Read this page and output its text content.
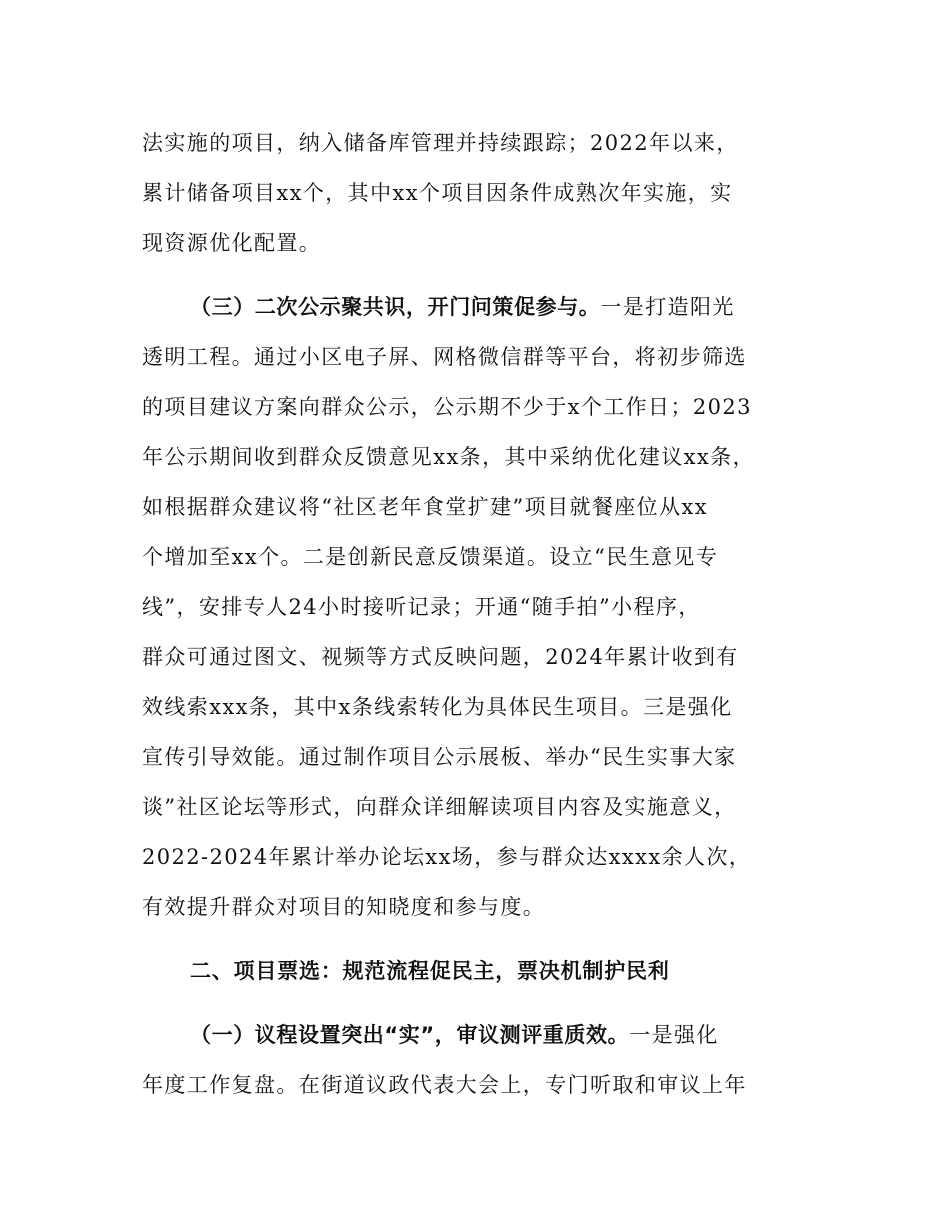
法实施的项目，纳入储备库管理并持续跟踪；2022年以来，
累计储备项目xx个，其中xx个项目因条件成熟次年实施，实
现资源优化配置。
（三）二次公示聚共识，开门问策促参与。一是打造阳光
透明工程。通过小区电子屏、网格微信群等平台，将初步筛选
的项目建议方案向群众公示，公示期不少于x个工作日；2023
年公示期间收到群众反馈意见xx条，其中采纳优化建议xx条，
如根据群众建议将“社区老年食堂扩建”项目就餐座位从xx
个增加至xx个。二是创新民意反馈渠道。设立“民生意见专
线”，安排专人24小时接听记录；开通“随手拍”小程序，
群众可通过图文、视频等方式反映问题，2024年累计收到有
效线索xxx条，其中x条线索转化为具体民生项目。三是强化
宣传引导效能。通过制作项目公示展板、举办“民生实事大家
谈”社区论坛等形式，向群众详细解读项目内容及实施意义，
2022-2024年累计举办论坛xx场，参与群众达xxxx余人次，
有效提升群众对项目的知晓度和参与度。
二、项目票选：规范流程促民主，票决机制护民利
（一）议程设置突出“实”，审议测评重质效。一是强化
年度工作复盘。在街道议政代表大会上，专门听取和审议上年
